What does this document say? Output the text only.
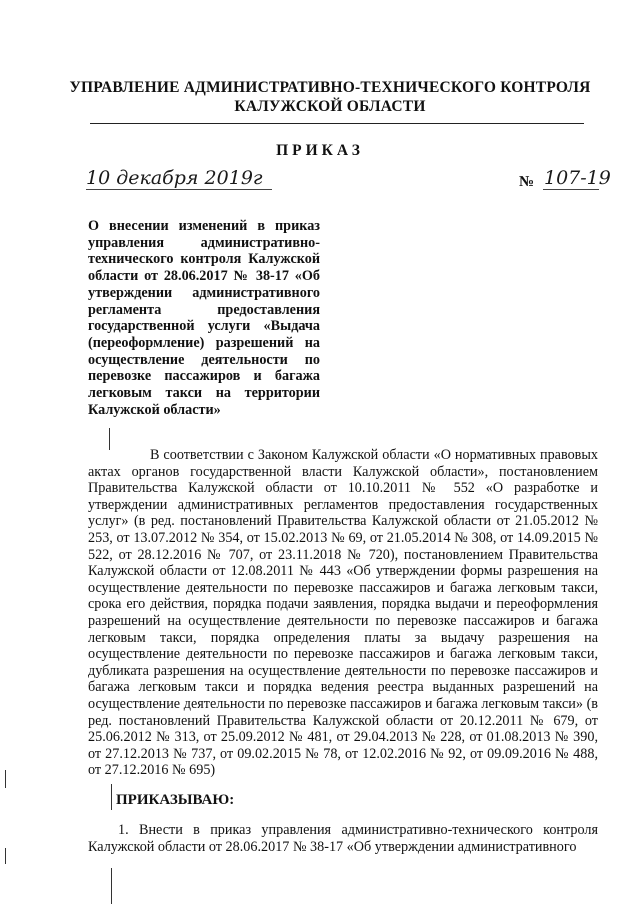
УПРАВЛЕНИЕ АДМИНИСТРАТИВНО-ТЕХНИЧЕСКОГО КОНТРОЛЯ
КАЛУЖСКОЙ ОБЛАСТИ
ПРИКАЗ
10 декабря 2019г	№ 107-19
О внесении изменений в приказ управления административно-технического контроля Калужской области от 28.06.2017 № 38-17 «Об утверждении административного регламента предоставления государственной услуги «Выдача (переоформление) разрешений на осуществление деятельности по перевозке пассажиров и багажа легковым такси на территории Калужской области»
В соответствии с Законом Калужской области «О нормативных правовых актах органов государственной власти Калужской области», постановлением Правительства Калужской области от 10.10.2011 № 552 «О разработке и утверждении административных регламентов предоставления государственных услуг» (в ред. постановлений Правительства Калужской области от 21.05.2012 № 253, от 13.07.2012 № 354, от 15.02.2013 № 69, от 21.05.2014 № 308, от 14.09.2015 № 522, от 28.12.2016 № 707, от 23.11.2018 № 720), постановлением Правительства Калужской области от 12.08.2011 № 443 «Об утверждении формы разрешения на осуществление деятельности по перевозке пассажиров и багажа легковым такси, срока его действия, порядка подачи заявления, порядка выдачи и переоформления разрешений на осуществление деятельности по перевозке пассажиров и багажа легковым такси, порядка определения платы за выдачу разрешения на осуществление деятельности по перевозке пассажиров и багажа легковым такси, дубликата разрешения на осуществление деятельности по перевозке пассажиров и багажа легковым такси и порядка ведения реестра выданных разрешений на осуществление деятельности по перевозке пассажиров и багажа легковым такси» (в ред. постановлений Правительства Калужской области от 20.12.2011 № 679, от 25.06.2012 № 313, от 25.09.2012 № 481, от 29.04.2013 № 228, от 01.08.2013 № 390, от 27.12.2013 № 737, от 09.02.2015 № 78, от 12.02.2016 № 92, от 09.09.2016 № 488, от 27.12.2016 № 695)
ПРИКАЗЫВАЮ:
1. Внести в приказ управления административно-технического контроля Калужской области от 28.06.2017 № 38-17 «Об утверждении административного
